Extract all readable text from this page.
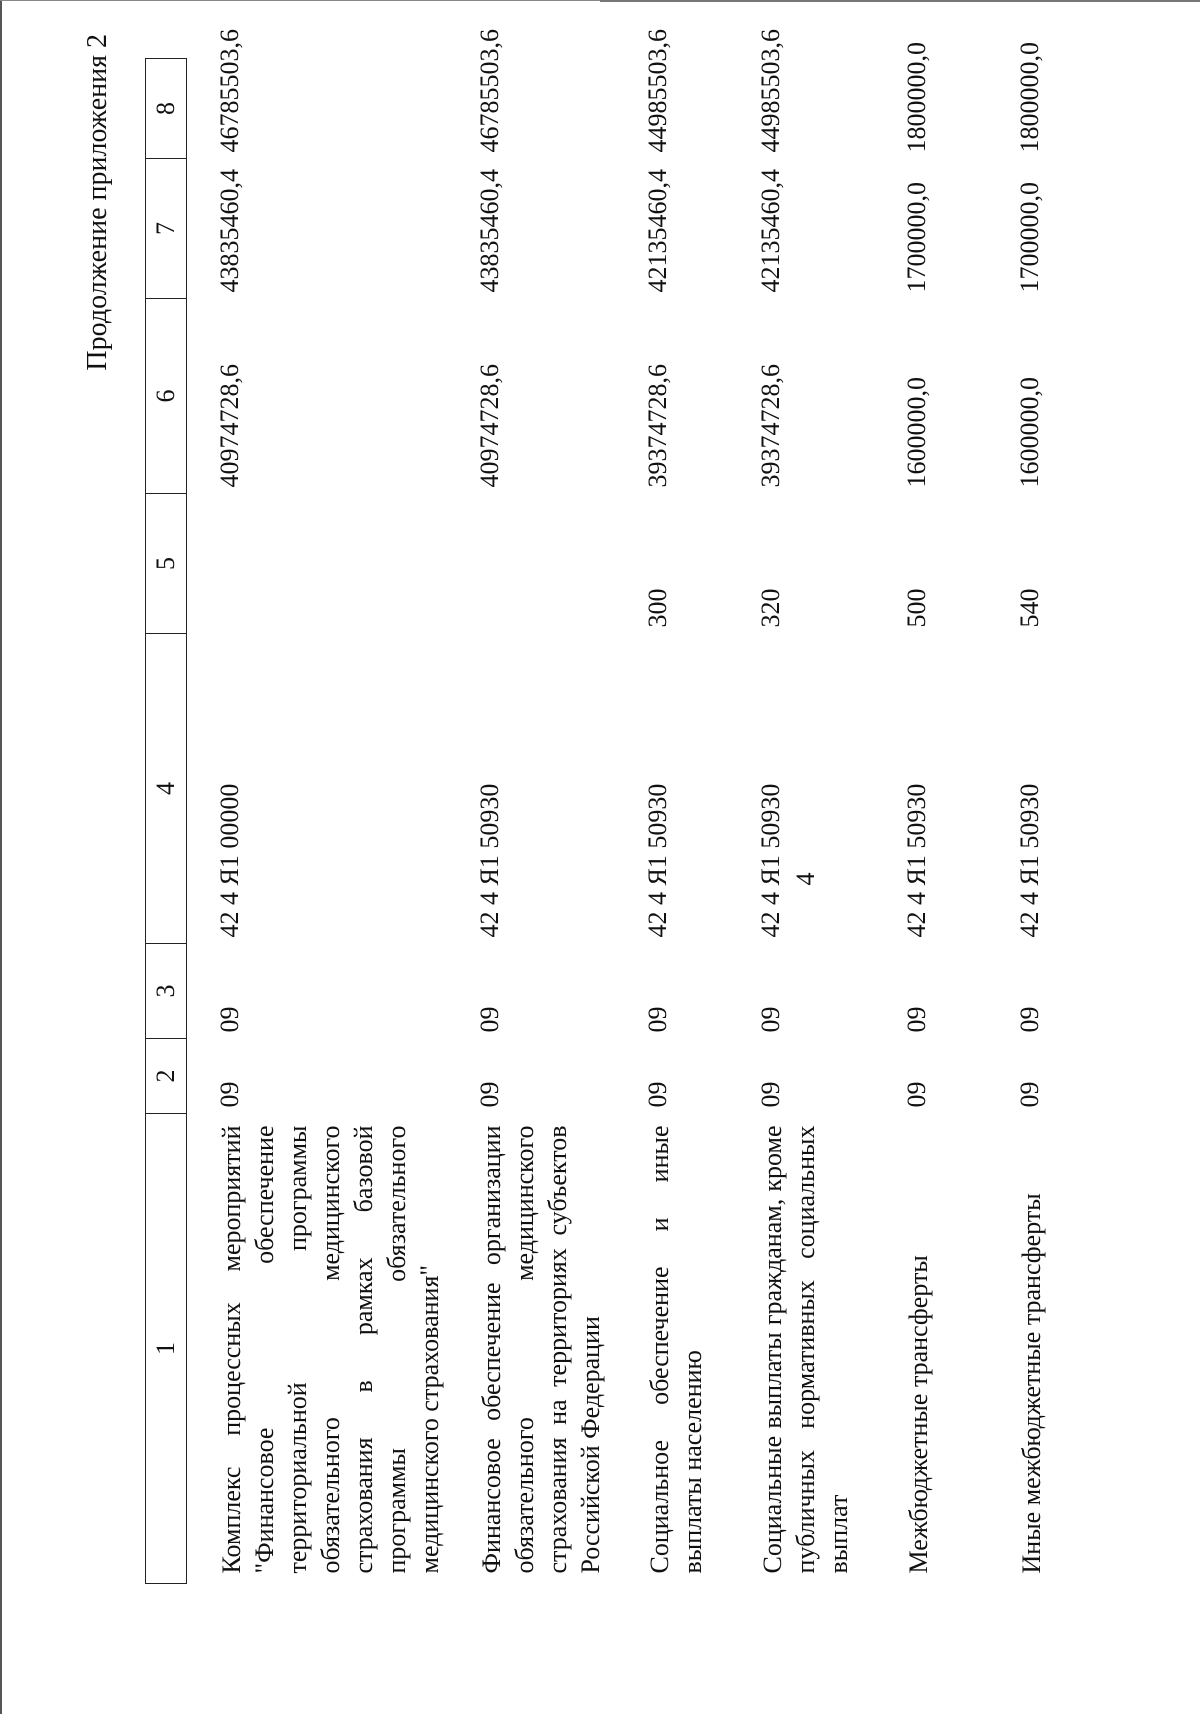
4
Продолжение приложения 2
1	2	3	4	5	6	7	8
Комплекс процессных мероприятий "Финансовое обеспечение территориальной программы обязательного медицинского страхования в рамках базовой программы обязательного медицинского страхования"	09	09	42 4 Я1 00000		40974728,6	43835460,4	46785503,6
Финансовое обеспечение организации обязательного медицинского страхования на территориях субъектов Российской Федерации	09	09	42 4 Я1 50930		40974728,6	43835460,4	46785503,6
Социальное обеспечение и иные выплаты населению	09	09	42 4 Я1 50930	300	39374728,6	42135460,4	44985503,6
Социальные выплаты гражданам, кроме публичных нормативных социальных выплат	09	09	42 4 Я1 50930	320	39374728,6	42135460,4	44985503,6
Межбюджетные трансферты	09	09	42 4 Я1 50930	500	1600000,0	1700000,0	1800000,0
Иные межбюджетные трансферты	09	09	42 4 Я1 50930	540	1600000,0	1700000,0	1800000,0
